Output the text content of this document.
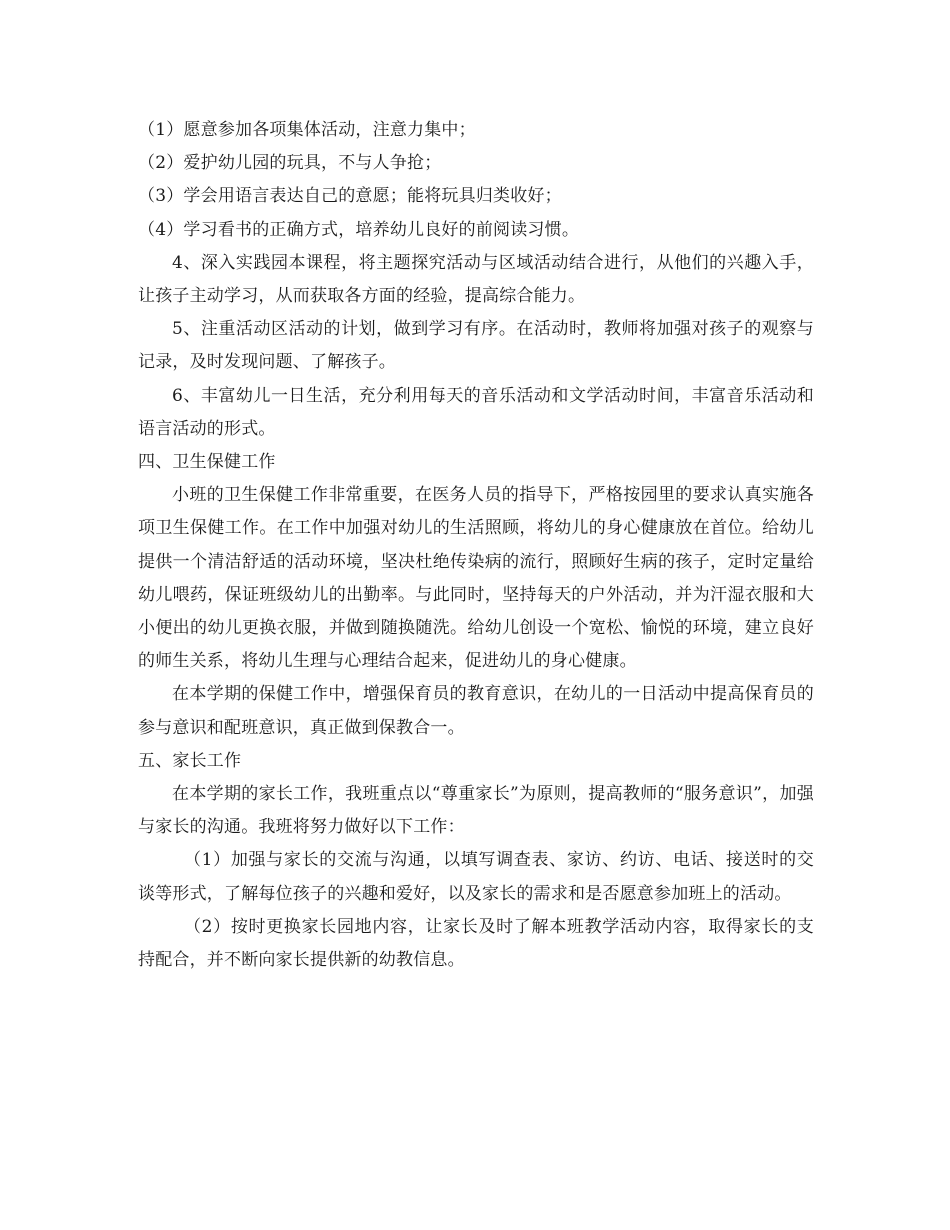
（1）愿意参加各项集体活动，注意力集中；

（2）爱护幼儿园的玩具，不与人争抢；

（3）学会用语言表达自己的意愿；能将玩具归类收好；

（4）学习看书的正确方式，培养幼儿良好的前阅读习惯。

4、深入实践园本课程，将主题探究活动与区域活动结合进行，从他们的兴趣入手，让孩子主动学习，从而获取各方面的经验，提高综合能力。

5、注重活动区活动的计划，做到学习有序。在活动时，教师将加强对孩子的观察与记录，及时发现问题、了解孩子。

6、丰富幼儿一日生活，充分利用每天的音乐活动和文学活动时间，丰富音乐活动和语言活动的形式。

四、卫生保健工作

小班的卫生保健工作非常重要，在医务人员的指导下，严格按园里的要求认真实施各项卫生保健工作。在工作中加强对幼儿的生活照顾，将幼儿的身心健康放在首位。给幼儿提供一个清洁舒适的活动环境，坚决杜绝传染病的流行，照顾好生病的孩子，定时定量给幼儿喂药，保证班级幼儿的出勤率。与此同时，坚持每天的户外活动，并为汗湿衣服和大小便出的幼儿更换衣服，并做到随换随洗。给幼儿创设一个宽松、愉悦的环境，建立良好的师生关系，将幼儿生理与心理结合起来，促进幼儿的身心健康。

在本学期的保健工作中，增强保育员的教育意识，在幼儿的一日活动中提高保育员的参与意识和配班意识，真正做到保教合一。

五、家长工作

在本学期的家长工作，我班重点以“尊重家长”为原则，提高教师的“服务意识”，加强与家长的沟通。我班将努力做好以下工作：

（1）加强与家长的交流与沟通，以填写调查表、家访、约访、电话、接送时的交谈等形式，了解每位孩子的兴趣和爱好，以及家长的需求和是否愿意参加班上的活动。

（2）按时更换家长园地内容，让家长及时了解本班教学活动内容，取得家长的支持配合，并不断向家长提供新的幼教信息。
